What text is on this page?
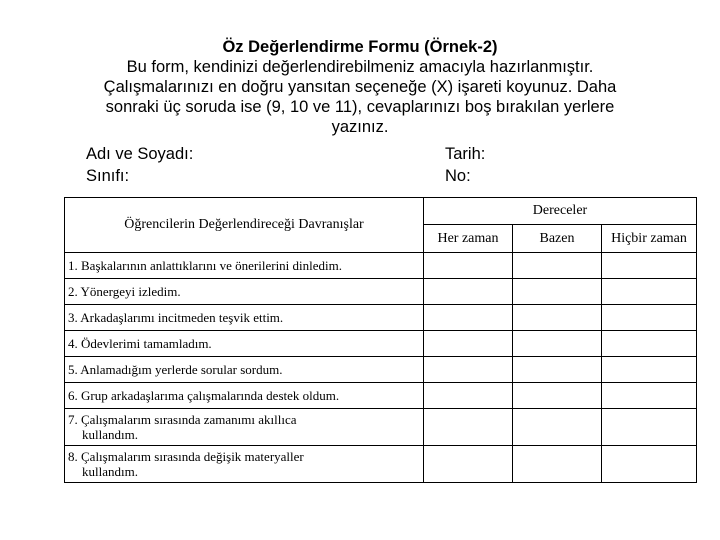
Öz Değerlendirme Formu (Örnek-2)
Bu form, kendinizi değerlendirebilmeniz amacıyla hazırlanmıştır.
Çalışmalarınızı en doğru yansıtan seçeneğe (X) işareti koyunuz. Daha
sonraki üç soruda ise (9, 10 ve 11), cevaplarınızı boş bırakılan yerlere
yazınız.
Adı ve Soyadı:
Sınıfı:
Tarih:
No:
Öğrencilerin Değerlendireceği Davranışlar	Dereceler		
	Her zaman	Bazen	Hiçbir zaman
1. Başkalarının anlattıklarını ve önerilerini dinledim.			
2. Yönergeyi izledim.			
3. Arkadaşlarımı incitmeden teşvik ettim.			
4. Ödevlerimi tamamladım.			
5. Anlamadığım yerlerde sorular sordum.			
6. Grup arkadaşlarıma çalışmalarında destek oldum.			
7. Çalışmalarım sırasında zamanımı akıllıca
kullandım.			

8. Çalışmalarım sırasında değişik materyaller
kullandım.			
